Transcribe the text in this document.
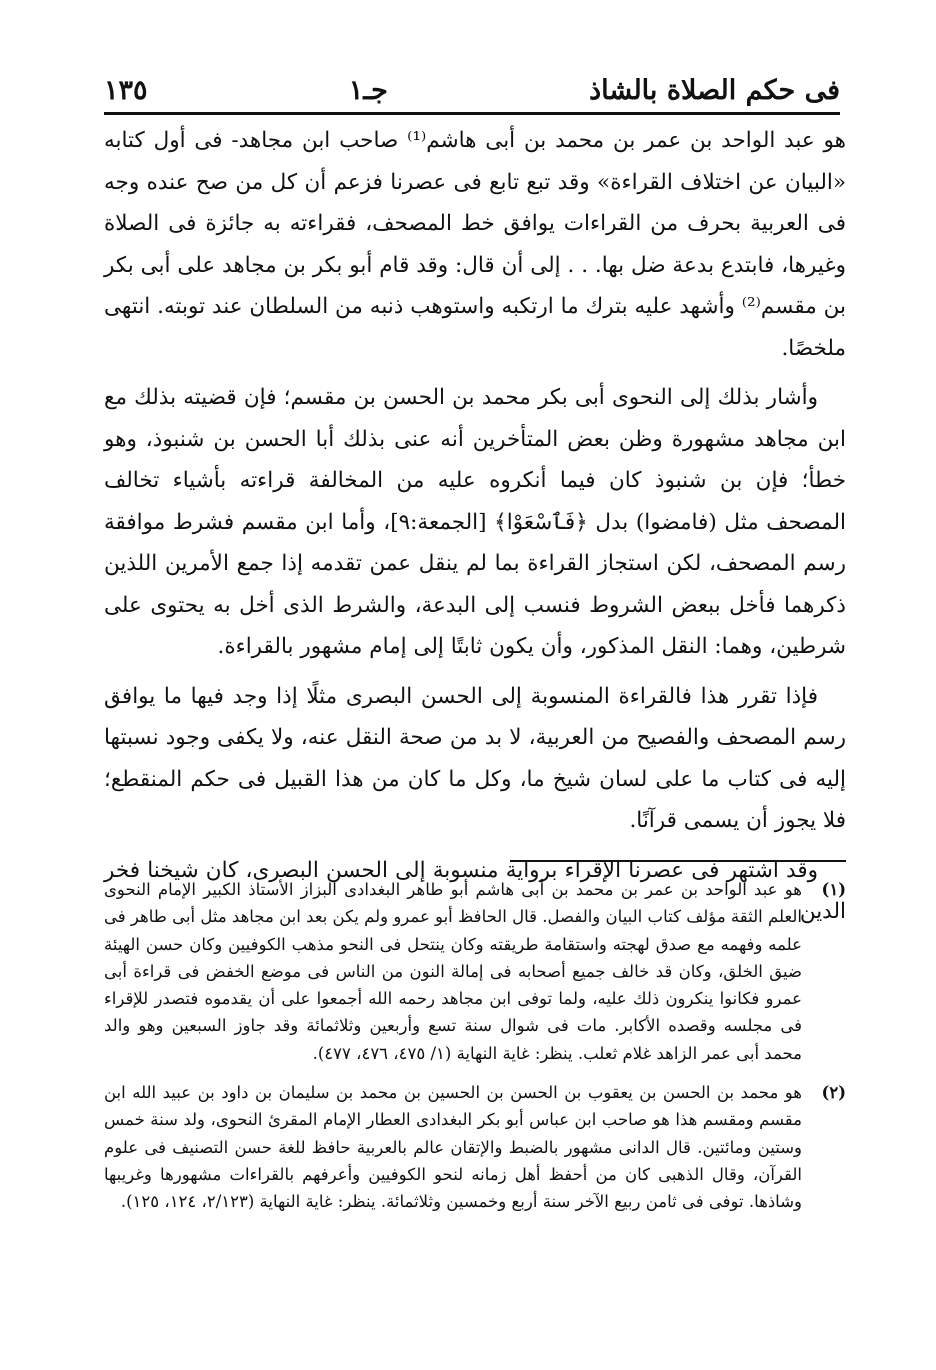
فى حكم الصلاة بالشاذ
جـ١
١٣٥

هو عبد الواحد بن عمر بن محمد بن أبى هاشم⁽¹⁾ صاحب ابن مجاهد- فى أول كتابه «البيان عن اختلاف القراءة» وقد تبع تابع فى عصرنا فزعم أن كل من صح عنده وجه فى العربية بحرف من القراءات يوافق خط المصحف، فقراءته به جائزة فى الصلاة وغيرها، فابتدع بدعة ضل بها. . . إلى أن قال: وقد قام أبو بكر بن مجاهد على أبى بكر بن مقسم⁽²⁾ وأشهد عليه بترك ما ارتكبه واستوهب ذنبه من السلطان عند توبته. انتهى ملخصًا.

وأشار بذلك إلى النحوى أبى بكر محمد بن الحسن بن مقسم؛ فإن قضيته بذلك مع ابن مجاهد مشهورة وظن بعض المتأخرين أنه عنى بذلك أبا الحسن بن شنبوذ، وهو خطأ؛ فإن بن شنبوذ كان فيما أنكروه عليه من المخالفة قراءته بأشياء تخالف المصحف مثل (فامضوا) بدل ﴿فَٱسْعَوْا﴾ [الجمعة:٩]، وأما ابن مقسم فشرط موافقة رسم المصحف، لكن استجاز القراءة بما لم ينقل عمن تقدمه إذا جمع الأمرين اللذين ذكرهما فأخل ببعض الشروط فنسب إلى البدعة، والشرط الذى أخل به يحتوى على شرطين، وهما: النقل المذكور، وأن يكون ثابتًا إلى إمام مشهور بالقراءة.

فإذا تقرر هذا فالقراءة المنسوبة إلى الحسن البصرى مثلًا إذا وجد فيها ما يوافق رسم المصحف والفصيح من العربية، لا بد من صحة النقل عنه، ولا يكفى وجود نسبتها إليه فى كتاب ما على لسان شيخ ما، وكل ما كان من هذا القبيل فى حكم المنقطع؛ فلا يجوز أن يسمى قرآنًا.

وقد اشتهر فى عصرنا الإقراء برواية منسوبة إلى الحسن البصرى، كان شيخنا فخر الدين

(١)
هو عبد الواحد بن عمر بن محمد بن أبى هاشم أبو طاهر البغدادى البزاز الأستاذ الكبير الإمام النحوى العلم الثقة مؤلف كتاب البيان والفصل. قال الحافظ أبو عمرو ولم يكن بعد ابن مجاهد مثل أبى طاهر فى علمه وفهمه مع صدق لهجته واستقامة طريقته وكان ينتحل فى النحو مذهب الكوفيين وكان حسن الهيئة ضيق الخلق، وكان قد خالف جميع أصحابه فى إمالة النون من الناس فى موضع الخفض فى قراءة أبى عمرو فكانوا ينكرون ذلك عليه، ولما توفى ابن مجاهد رحمه الله أجمعوا على أن يقدموه فتصدر للإقراء فى مجلسه وقصده الأكابر. مات فى شوال سنة تسع وأربعين وثلاثمائة وقد جاوز السبعين وهو والد محمد أبى عمر الزاهد غلام ثعلب. ينظر: غاية النهاية (١/ ٤٧٥، ٤٧٦، ٤٧٧).
(٢)
هو محمد بن الحسن بن يعقوب بن الحسن بن الحسين بن محمد بن سليمان بن داود بن عبيد الله ابن مقسم ومقسم هذا هو صاحب ابن عباس أبو بكر البغدادى العطار الإمام المقرئ النحوى، ولد سنة خمس وستين ومائتين. قال الدانى مشهور بالضبط والإتقان عالم بالعربية حافظ للغة حسن التصنيف فى علوم القرآن، وقال الذهبى كان من أحفظ أهل زمانه لنحو الكوفيين وأعرفهم بالقراءات مشهورها وغريبها وشاذها. توفى فى ثامن ربيع الآخر سنة أربع وخمسين وثلاثمائة. ينظر: غاية النهاية (٢/١٢٣، ١٢٤، ١٢٥).
